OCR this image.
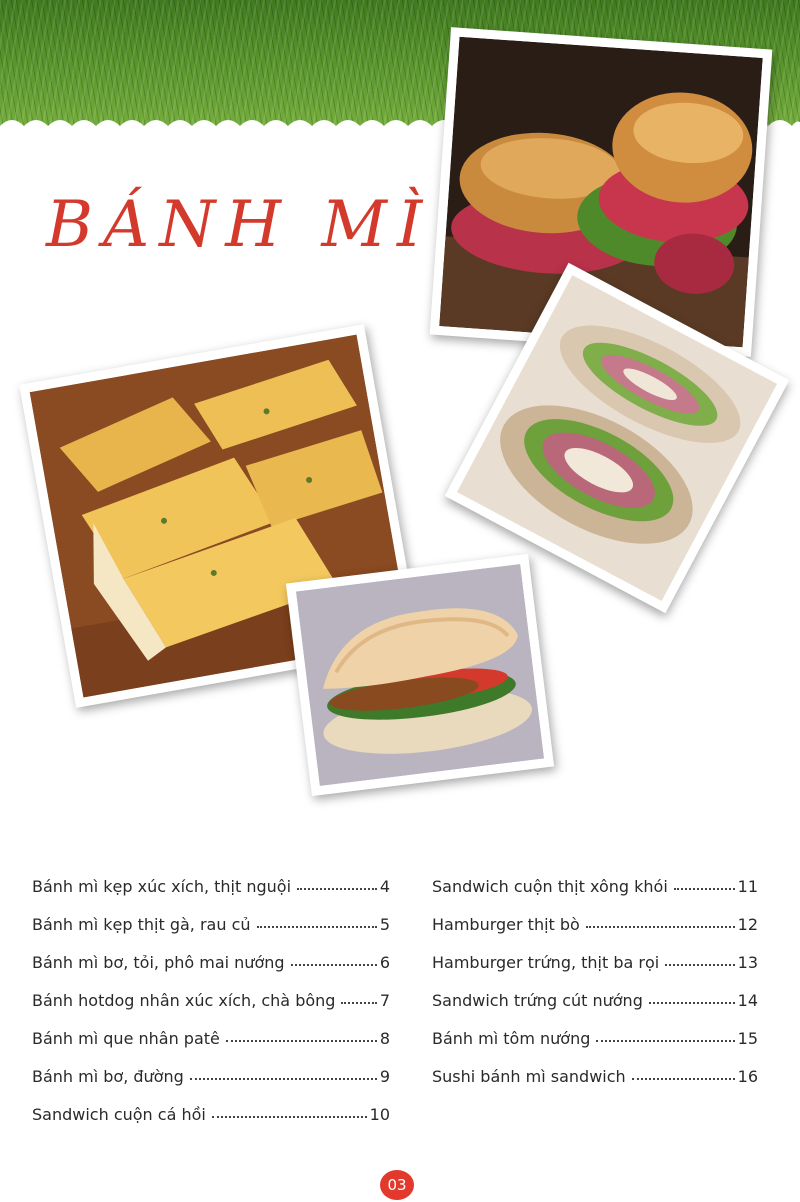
BÁNH MÌ
Bánh mì kẹp xúc xích, thịt nguội	4
Bánh mì kẹp thịt gà, rau củ	5
Bánh mì bơ, tỏi, phô mai nướng	6
Bánh hotdog nhân xúc xích, chà bông	7
Bánh mì que nhân patê	8
Bánh mì bơ, đường	9
Sandwich cuộn cá hồi	10
Sandwich cuộn thịt xông khói	11
Hamburger thịt bò	12
Hamburger trứng, thịt ba rọi	13
Sandwich trứng cút nướng	14
Bánh mì tôm nướng	15
Sushi bánh mì sandwich	16
03
